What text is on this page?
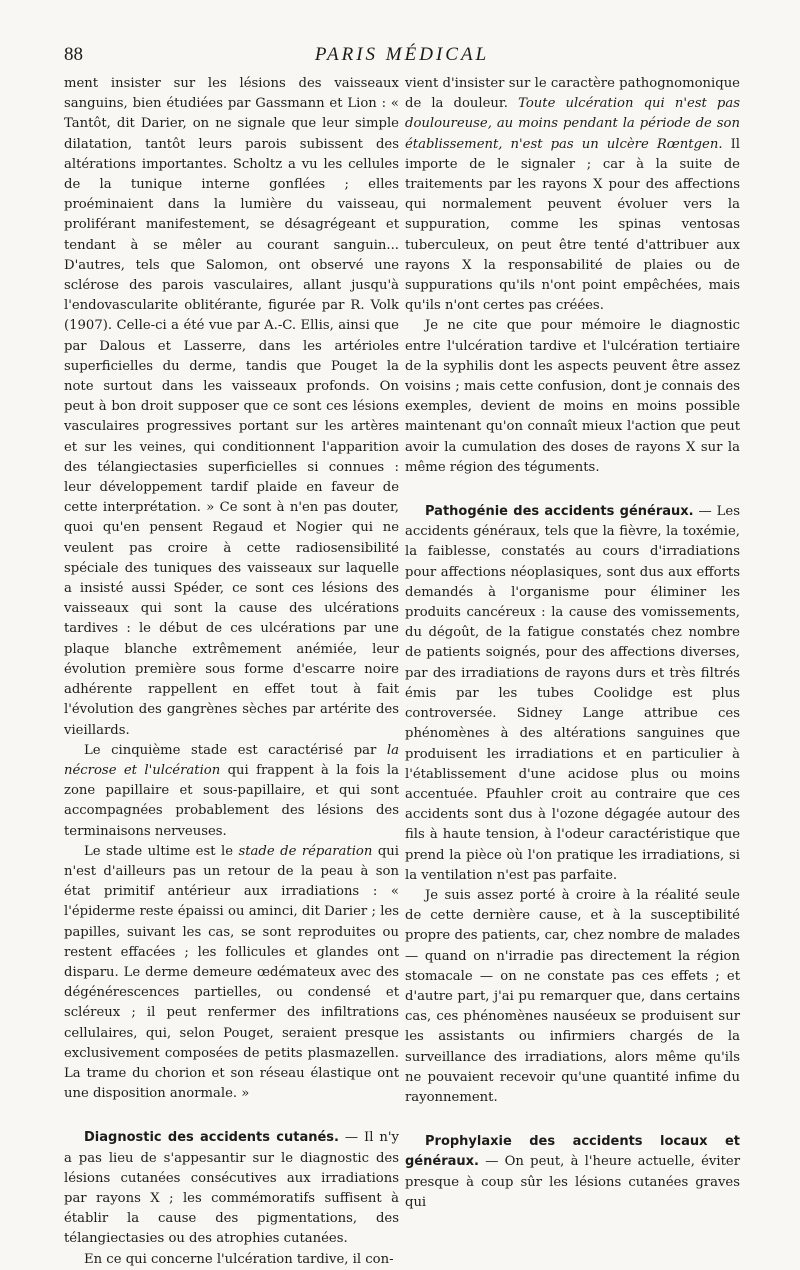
88	PARIS MÉDICAL

ment insister sur les lésions des vaisseaux sanguins, bien étudiées par Gassmann et Lion : « Tantôt, dit Darier, on ne signale que leur simple dilatation, tantôt leurs parois subissent des altérations importantes. Scholtz a vu les cellules de la tunique interne gonflées ; elles proéminaient dans la lumière du vaisseau, proliférant manifestement, se désagrégeant et tendant à se mêler au courant sanguin... D'autres, tels que Salomon, ont observé une sclérose des parois vasculaires, allant jusqu'à l'endovascularite oblitérante, figurée par R. Volk (1907). Celle-ci a été vue par A.-C. Ellis, ainsi que par Dalous et Lasserre, dans les artérioles superficielles du derme, tandis que Pouget la note surtout dans les vaisseaux profonds. On peut à bon droit supposer que ce sont ces lésions vasculaires progressives portant sur les artères et sur les veines, qui conditionnent l'apparition des télangiectasies superficielles si connues : leur développement tardif plaide en faveur de cette interprétation. » Ce sont à n'en pas douter, quoi qu'en pensent Regaud et Nogier qui ne veulent pas croire à cette radiosensibilité spéciale des tuniques des vaisseaux sur laquelle a insisté aussi Spéder, ce sont ces lésions des vaisseaux qui sont la cause des ulcérations tardives : le début de ces ulcérations par une plaque blanche extrêmement anémiée, leur évolution première sous forme d'escarre noire adhérente rappellent en effet tout à fait l'évolution des gangrènes sèches par artérite des vieillards.

Le cinquième stade est caractérisé par la nécrose et l'ulcération qui frappent à la fois la zone papillaire et sous-papillaire, et qui sont accompagnées probablement des lésions des terminaisons nerveuses.

Le stade ultime est le stade de réparation qui n'est d'ailleurs pas un retour de la peau à son état primitif antérieur aux irradiations : « l'épiderme reste épaissi ou aminci, dit Darier ; les papilles, suivant les cas, se sont reproduites ou restent effacées ; les follicules et glandes ont disparu. Le derme demeure œdémateux avec des dégénérescences partielles, ou condensé et scléreux ; il peut renfermer des infiltrations cellulaires, qui, selon Pouget, seraient presque exclusivement composées de petits plasmazellen. La trame du chorion et son réseau élastique ont une disposition anormale. »

Diagnostic des accidents cutanés. — Il n'y a pas lieu de s'appesantir sur le diagnostic des lésions cutanées consécutives aux irradiations par rayons X ; les commémoratifs suffisent à établir la cause des pigmentations, des télangiectasies ou des atrophies cutanées.

En ce qui concerne l'ulcération tardive, il con-

vient d'insister sur le caractère pathognomonique de la douleur. Toute ulcération qui n'est pas douloureuse, au moins pendant la période de son établissement, n'est pas un ulcère Rœntgen. Il importe de le signaler ; car à la suite de traitements par les rayons X pour des affections qui normalement peuvent évoluer vers la suppuration, comme les spinas ventosas tuberculeux, on peut être tenté d'attribuer aux rayons X la responsabilité de plaies ou de suppurations qu'ils n'ont point empêchées, mais qu'ils n'ont certes pas créées.

Je ne cite que pour mémoire le diagnostic entre l'ulcération tardive et l'ulcération tertiaire de la syphilis dont les aspects peuvent être assez voisins ; mais cette confusion, dont je connais des exemples, devient de moins en moins possible maintenant qu'on connaît mieux l'action que peut avoir la cumulation des doses de rayons X sur la même région des téguments.

Pathogénie des accidents généraux. — Les accidents généraux, tels que la fièvre, la toxémie, la faiblesse, constatés au cours d'irradiations pour affections néoplasiques, sont dus aux efforts demandés à l'organisme pour éliminer les produits cancéreux : la cause des vomissements, du dégoût, de la fatigue constatés chez nombre de patients soignés, pour des affections diverses, par des irradiations de rayons durs et très filtrés émis par les tubes Coolidge est plus controversée. Sidney Lange attribue ces phénomènes à des altérations sanguines que produisent les irradiations et en particulier à l'établissement d'une acidose plus ou moins accentuée. Pfauhler croit au contraire que ces accidents sont dus à l'ozone dégagée autour des fils à haute tension, à l'odeur caractéristique que prend la pièce où l'on pratique les irradiations, si la ventilation n'est pas parfaite.

Je suis assez porté à croire à la réalité seule de cette dernière cause, et à la susceptibilité propre des patients, car, chez nombre de malades — quand on n'irradie pas directement la région stomacale — on ne constate pas ces effets ; et d'autre part, j'ai pu remarquer que, dans certains cas, ces phénomènes nauséeux se produisent sur les assistants ou infirmiers chargés de la surveillance des irradiations, alors même qu'ils ne pouvaient recevoir qu'une quantité infime du rayonnement.

Prophylaxie des accidents locaux et généraux. — On peut, à l'heure actuelle, éviter presque à coup sûr les lésions cutanées graves qui
